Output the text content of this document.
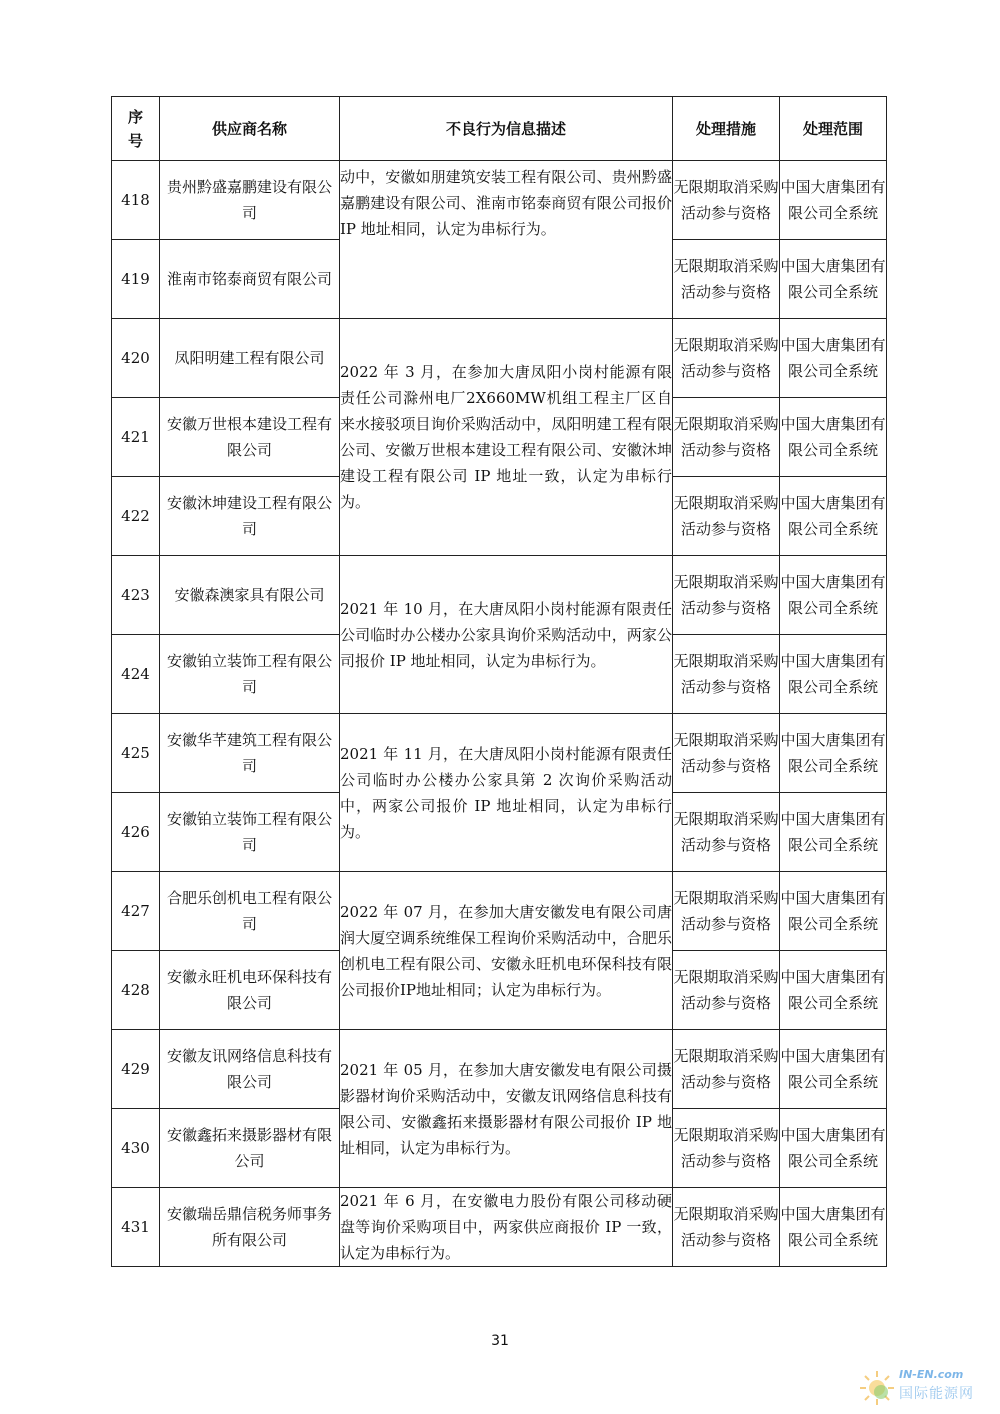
序
号	供应商名称	不良行为信息描述	处理措施	处理范围
418	贵州黔盛嘉鹏建设有限公司	动中，安徽如朋建筑安装工程有限公司、贵州黔盛嘉鹏建设有限公司、淮南市铭泰商贸有限公司报价 IP 地址相同，认定为串标行为。	无限期取消采购活动参与资格	中国大唐集团有限公司全系统
419	淮南市铭泰商贸有限公司		无限期取消采购活动参与资格	中国大唐集团有限公司全系统
420	凤阳明建工程有限公司	2022 年 3 月，在参加大唐凤阳小岗村能源有限责任公司滁州电厂2X660MW机组工程主厂区自来水接驳项目询价采购活动中，凤阳明建工程有限公司、安徽万世根本建设工程有限公司、安徽沐坤建设工程有限公司 IP 地址一致，认定为串标行为。	无限期取消采购活动参与资格	中国大唐集团有限公司全系统
421	安徽万世根本建设工程有限公司		无限期取消采购活动参与资格	中国大唐集团有限公司全系统
422	安徽沐坤建设工程有限公司		无限期取消采购活动参与资格	中国大唐集团有限公司全系统
423	安徽森澳家具有限公司	2021 年 10 月，在大唐凤阳小岗村能源有限责任公司临时办公楼办公家具询价采购活动中，两家公司报价 IP 地址相同，认定为串标行为。	无限期取消采购活动参与资格	中国大唐集团有限公司全系统
424	安徽铂立装饰工程有限公司		无限期取消采购活动参与资格	中国大唐集团有限公司全系统
425	安徽华芊建筑工程有限公司	2021 年 11 月，在大唐凤阳小岗村能源有限责任公司临时办公楼办公家具第 2 次询价采购活动中，两家公司报价 IP 地址相同，认定为串标行为。	无限期取消采购活动参与资格	中国大唐集团有限公司全系统
426	安徽铂立装饰工程有限公司		无限期取消采购活动参与资格	中国大唐集团有限公司全系统
427	合肥乐创机电工程有限公司	2022 年 07 月，在参加大唐安徽发电有限公司唐润大厦空调系统维保工程询价采购活动中，合肥乐创机电工程有限公司、安徽永旺机电环保科技有限公司报价IP地址相同；认定为串标行为。	无限期取消采购活动参与资格	中国大唐集团有限公司全系统
428	安徽永旺机电环保科技有限公司		无限期取消采购活动参与资格	中国大唐集团有限公司全系统
429	安徽友讯网络信息科技有限公司	2021 年 05 月，在参加大唐安徽发电有限公司摄影器材询价采购活动中，安徽友讯网络信息科技有限公司、安徽鑫拓来摄影器材有限公司报价 IP 地址相同，认定为串标行为。	无限期取消采购活动参与资格	中国大唐集团有限公司全系统
430	安徽鑫拓来摄影器材有限公司		无限期取消采购活动参与资格	中国大唐集团有限公司全系统
431	安徽瑞岳鼎信税务师事务所有限公司	2021 年 6 月，在安徽电力股份有限公司移动硬盘等询价采购项目中，两家供应商报价 IP 一致，认定为串标行为。	无限期取消采购活动参与资格	中国大唐集团有限公司全系统
31
IN-EN.com
国际能源网
